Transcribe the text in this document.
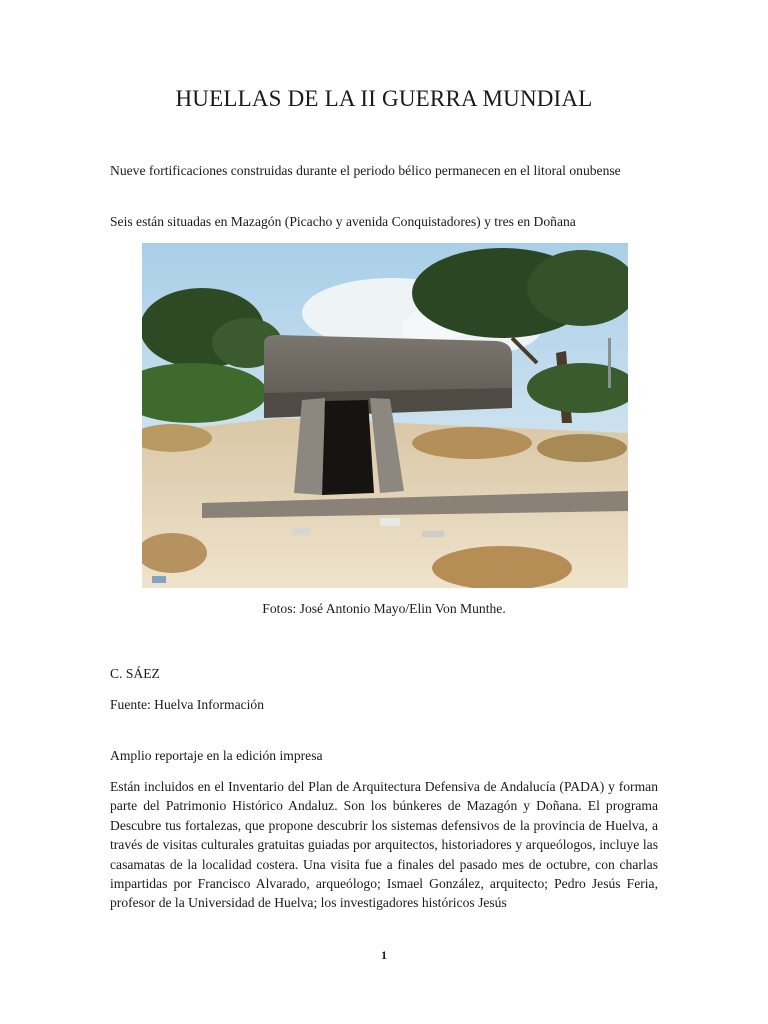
HUELLAS DE LA II GUERRA MUNDIAL

Nueve fortificaciones construidas durante el periodo bélico permanecen en el litoral onubense

Seis están situadas en Mazagón (Picacho y avenida Conquistadores) y tres en Doñana

Fotos: José Antonio Mayo/Elin Von Munthe.

C. SÁEZ

Fuente: Huelva Información

Amplio reportaje en la edición impresa

Están incluidos en el Inventario del Plan de Arquitectura Defensiva de Andalucía (PADA) y forman parte del Patrimonio Histórico Andaluz. Son los búnkeres de Mazagón y Doñana. El programa Descubre tus fortalezas, que propone descubrir los sistemas defensivos de la provincia de Huelva, a través de visitas culturales gratuitas guiadas por arquitectos, historiadores y arqueólogos, incluye las casamatas de la localidad costera. Una visita fue a finales del pasado mes de octubre, con charlas impartidas por Francisco Alvarado, arqueólogo; Ismael González, arquitecto; Pedro Jesús Feria, profesor de la Universidad de Huelva; los investigadores históricos Jesús

1
